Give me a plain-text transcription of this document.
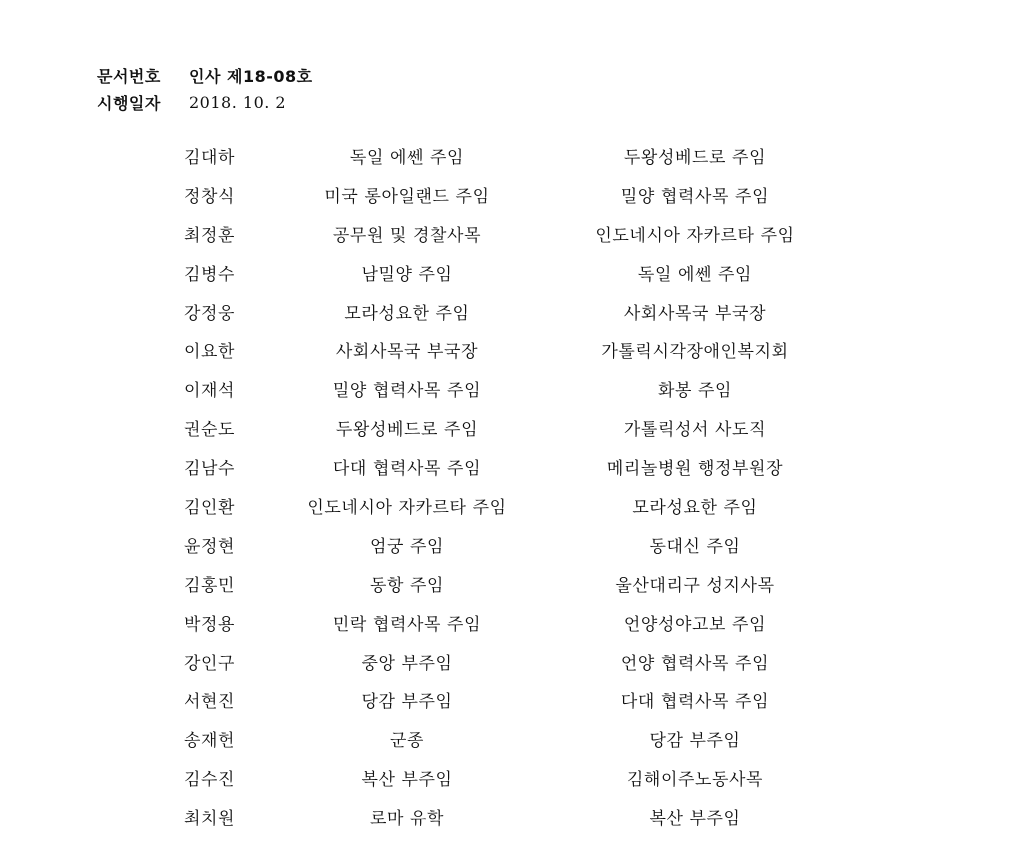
문서번호	인사 제18-08호
시행일자	2018. 10. 2
김대하	독일 에쎈 주임	두왕성베드로 주임
정창식	미국 롱아일랜드 주임	밀양 협력사목 주임
최정훈	공무원 및 경찰사목	인도네시아 자카르타 주임
김병수	남밀양 주임	독일 에쎈 주임
강정웅	모라성요한 주임	사회사목국 부국장
이요한	사회사목국 부국장	가톨릭시각장애인복지회
이재석	밀양 협력사목 주임	화봉 주임
권순도	두왕성베드로 주임	가톨릭성서 사도직
김남수	다대 협력사목 주임	메리놀병원 행정부원장
김인환	인도네시아 자카르타 주임	모라성요한 주임
윤정현	엄궁 주임	동대신 주임
김홍민	동항 주임	울산대리구 성지사목
박정용	민락 협력사목 주임	언양성야고보 주임
강인구	중앙 부주임	언양 협력사목 주임
서현진	당감 부주임	다대 협력사목 주임
송재헌	군종	당감 부주임
김수진	복산 부주임	김해이주노동사목
최치원	로마 유학	복산 부주임
